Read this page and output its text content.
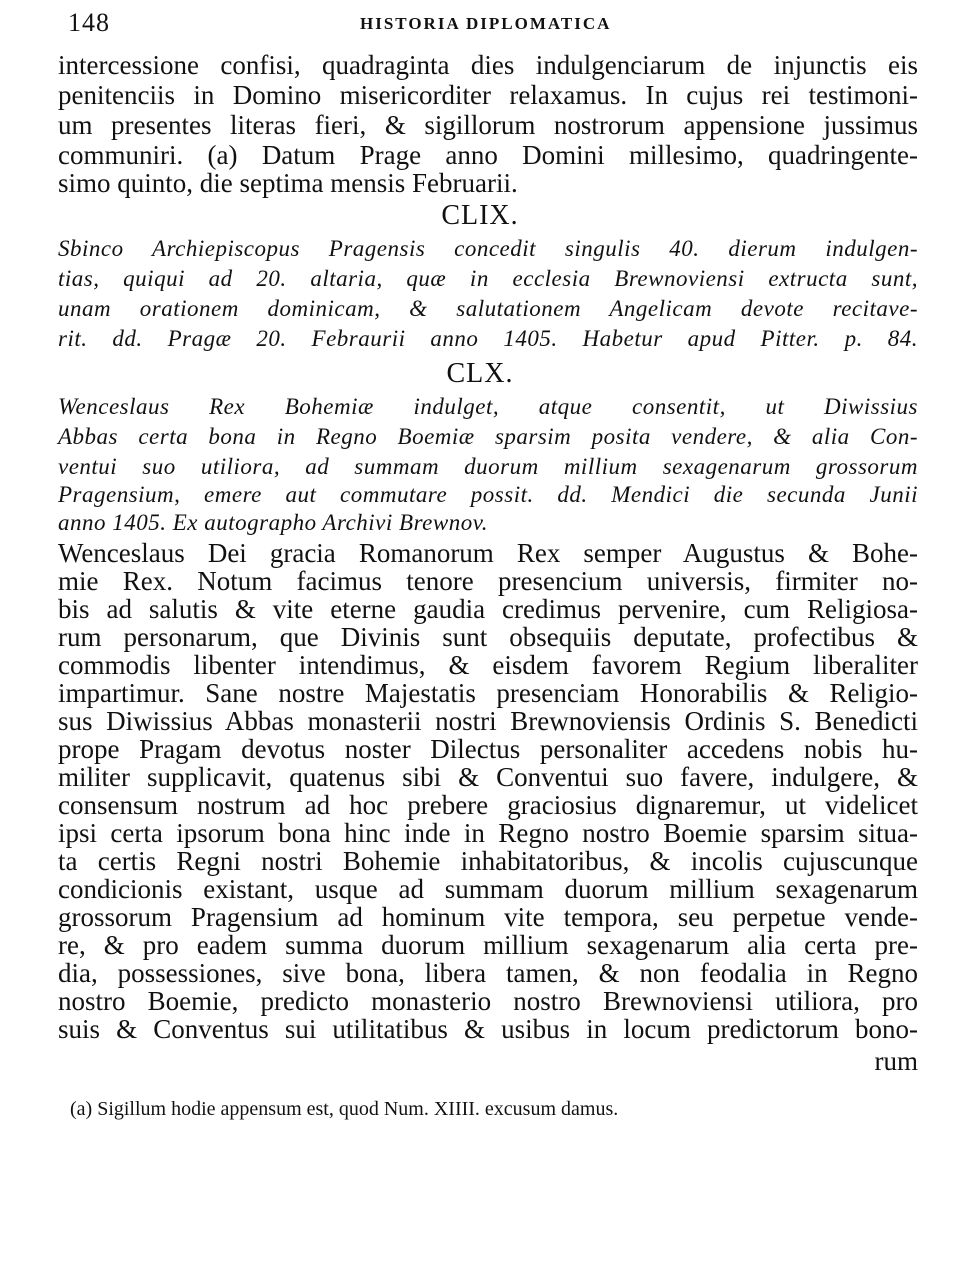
148	HISTORIA DIPLOMATICA
intercessione confisi, quadraginta dies indulgenciarum de injunctis eis
penitenciis in Domino misericorditer relaxamus. In cujus rei testimoni-
um presentes literas fieri, & sigillorum nostrorum appensione jussimus
communiri. (a) Datum Prage anno Domini millesimo, quadringente-
simo quinto, die septima mensis Februarii.
CLIX.
Sbinco Archiepiscopus Pragensis concedit singulis 40. dierum indulgen-
tias, quiqui ad 20. altaria, quæ in ecclesia Brewnoviensi extructa sunt,
unam orationem dominicam, & salutationem Angelicam devote recitave-
rit. dd. Pragæ 20. Febraurii anno 1405. Habetur apud Pitter. p. 84.
CLX.
Wenceslaus Rex Bohemiæ indulget, atque consentit, ut Diwissius
Abbas certa bona in Regno Boemiæ sparsim posita vendere, & alia Con-
ventui suo utiliora, ad summam duorum millium sexagenarum grossorum
Pragensium, emere aut commutare possit. dd. Mendici die secunda Junii
anno 1405. Ex autographo Archivi Brewnov.
Wenceslaus Dei gracia Romanorum Rex semper Augustus & Bohe-
mie Rex. Notum facimus tenore presencium universis, firmiter no-
bis ad salutis & vite eterne gaudia credimus pervenire, cum Religiosa-
rum personarum, que Divinis sunt obsequiis deputate, profectibus &
commodis libenter intendimus, & eisdem favorem Regium liberaliter
impartimur. Sane nostre Majestatis presenciam Honorabilis & Religio-
sus Diwissius Abbas monasterii nostri Brewnoviensis Ordinis S. Benedicti
prope Pragam devotus noster Dilectus personaliter accedens nobis hu-
militer supplicavit, quatenus sibi & Conventui suo favere, indulgere, &
consensum nostrum ad hoc prebere graciosius dignaremur, ut videlicet
ipsi certa ipsorum bona hinc inde in Regno nostro Boemie sparsim situa-
ta certis Regni nostri Bohemie inhabitatoribus, & incolis cujuscunque
condicionis existant, usque ad summam duorum millium sexagenarum
grossorum Pragensium ad hominum vite tempora, seu perpetue vende-
re, & pro eadem summa duorum millium sexagenarum alia certa pre-
dia, possessiones, sive bona, libera tamen, & non feodalia in Regno
nostro Boemie, predicto monasterio nostro Brewnoviensi utiliora, pro
suis & Conventus sui utilitatibus & usibus in locum predictorum bono-
rum
(a) Sigillum hodie appensum est, quod Num. XIIII. excusum damus.
